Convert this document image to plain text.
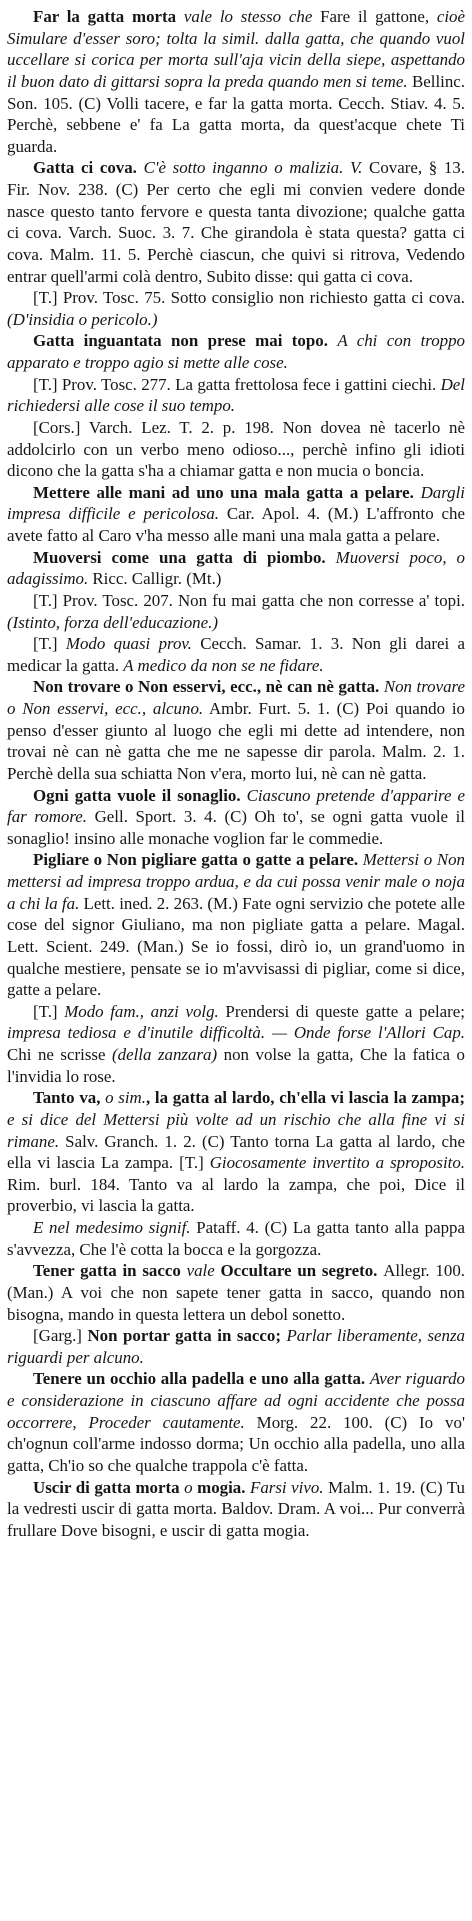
Far la gatta morta vale lo stesso che Fare il gattone, cioè Simulare d'esser soro; tolta la simil. dalla gatta, che quando vuol uccellare si corica per morta sull'aja vicin della siepe, aspettando il buon dato di gittarsi sopra la preda quando men si teme. Bellinc. Son. 105. (C) Volli tacere, e far la gatta morta. Cecch. Stiav. 4. 5. Perchè, sebbene e' fa La gatta morta, da quest'acque chete Ti guarda.

Gatta ci cova. C'è sotto inganno o malizia. V. Covare, § 13. Fir. Nov. 238. (C) Per certo che egli mi convien vedere donde nasce questo tanto fervore e questa tanta divozione; qualche gatta ci cova. Varch. Suoc. 3. 7. Che girandola è stata questa? gatta ci cova. Malm. 11. 5. Perchè ciascun, che quivi si ritrova, Vedendo entrar quell'armi colà dentro, Subito disse: qui gatta ci cova.

[T.] Prov. Tosc. 75. Sotto consiglio non richiesto gatta ci cova. (D'insidia o pericolo.)

Gatta inguantata non prese mai topo. A chi con troppo apparato e troppo agio si mette alle cose.

[T.] Prov. Tosc. 277. La gatta frettolosa fece i gattini ciechi. Del richiedersi alle cose il suo tempo.

[Cors.] Varch. Lez. T. 2. p. 198. Non dovea nè tacerlo nè addolcirlo con un verbo meno odioso..., perchè infino gli idioti dicono che la gatta s'ha a chiamar gatta e non mucia o boncia.

Mettere alle mani ad uno una mala gatta a pelare. Dargli impresa difficile e pericolosa. Car. Apol. 4. (M.) L'affronto che avete fatto al Caro v'ha messo alle mani una mala gatta a pelare.

Muoversi come una gatta di piombo. Muoversi poco, o adagissimo. Ricc. Calligr. (Mt.)

[T.] Prov. Tosc. 207. Non fu mai gatta che non corresse a' topi. (Istinto, forza dell'educazione.)

[T.] Modo quasi prov. Cecch. Samar. 1. 3. Non gli darei a medicar la gatta. A medico da non se ne fidare.

Non trovare o Non esservi, ecc., nè can nè gatta. Non trovare o Non esservi, ecc., alcuno. Ambr. Furt. 5. 1. (C) Poi quando io penso d'esser giunto al luogo che egli mi dette ad intendere, non trovai nè can nè gatta che me ne sapesse dir parola. Malm. 2. 1. Perchè della sua schiatta Non v'era, morto lui, nè can nè gatta.

Ogni gatta vuole il sonaglio. Ciascuno pretende d'apparire e far romore. Gell. Sport. 3. 4. (C) Oh to', se ogni gatta vuole il sonaglio! insino alle monache voglion far le commedie.

Pigliare o Non pigliare gatta o gatte a pelare. Mettersi o Non mettersi ad impresa troppo ardua, e da cui possa venir male o noja a chi la fa. Lett. ined. 2. 263. (M.) Fate ogni servizio che potete alle cose del signor Giuliano, ma non pigliate gatta a pelare. Magal. Lett. Scient. 249. (Man.) Se io fossi, dirò io, un grand'uomo in qualche mestiere, pensate se io m'avvisassi di pigliar, come si dice, gatte a pelare.

[T.] Modo fam., anzi volg. Prendersi di queste gatte a pelare; impresa tediosa e d'inutile difficoltà. — Onde forse l'Allori Cap. Chi ne scrisse (della zanzara) non volse la gatta, Che la fatica o l'invidia lo rose.

Tanto va, o sim., la gatta al lardo, ch'ella vi lascia la zampa; e si dice del Mettersi più volte ad un rischio che alla fine vi si rimane. Salv. Granch. 1. 2. (C) Tanto torna La gatta al lardo, che ella vi lascia La zampa. [T.] Giocosamente invertito a sproposito. Rim. burl. 184. Tanto va al lardo la zampa, che poi, Dice il proverbio, vi lascia la gatta.

E nel medesimo signif. Pataff. 4. (C) La gatta tanto alla pappa s'avvezza, Che l'è cotta la bocca e la gorgozza.

Tener gatta in sacco vale Occultare un segreto. Allegr. 100. (Man.) A voi che non sapete tener gatta in sacco, quando non bisogna, mando in questa lettera un debol sonetto.

[Garg.] Non portar gatta in sacco; Parlar liberamente, senza riguardi per alcuno.

Tenere un occhio alla padella e uno alla gatta. Aver riguardo e considerazione in ciascuno affare ad ogni accidente che possa occorrere, Proceder cautamente. Morg. 22. 100. (C) Io vo' ch'ognun coll'arme indosso dorma; Un occhio alla padella, uno alla gatta, Ch'io so che qualche trappola c'è fatta.

Uscir di gatta morta o mogia. Farsi vivo. Malm. 1. 19. (C) Tu la vedresti uscir di gatta morta. Baldov. Dram. A voi... Pur converrà frullare Dove bisogni, e uscir di gatta mogia.
